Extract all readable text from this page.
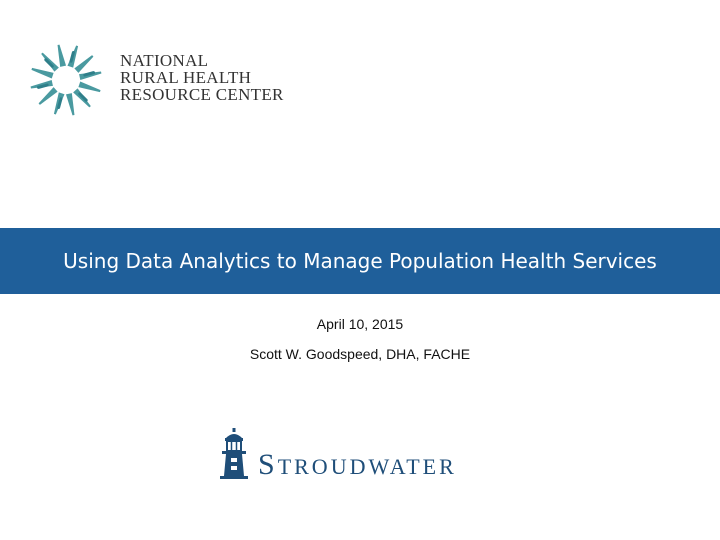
NATIONAL
RURAL HEALTH
RESOURCE CENTER
Using Data Analytics to Manage Population Health Services
April 10, 2015
Scott W. Goodspeed, DHA, FACHE
STROUDWATER
